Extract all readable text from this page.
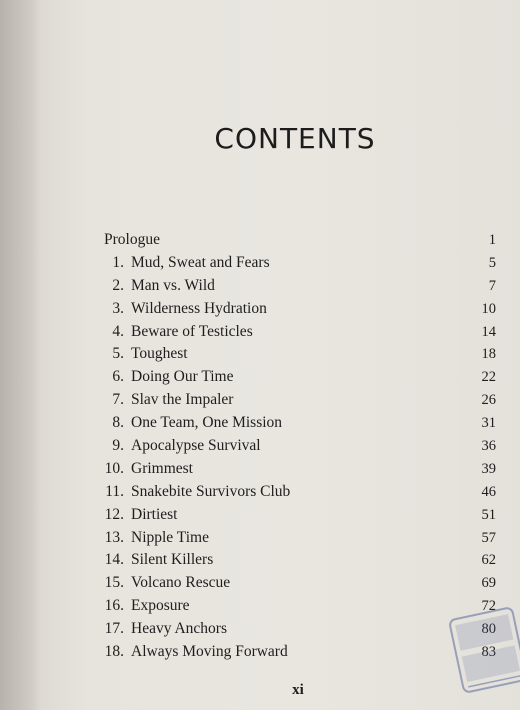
CONTENTS
Prologue	1
1. Mud, Sweat and Fears	5
2. Man vs. Wild	7
3. Wilderness Hydration	10
4. Beware of Testicles	14
5. Toughest	18
6. Doing Our Time	22
7. Slav the Impaler	26
8. One Team, One Mission	31
9. Apocalypse Survival	36
10. Grimmest	39
11. Snakebite Survivors Club	46
12. Dirtiest	51
13. Nipple Time	57
14. Silent Killers	62
15. Volcano Rescue	69
16. Exposure	72
17. Heavy Anchors	80
18. Always Moving Forward	83
xi
